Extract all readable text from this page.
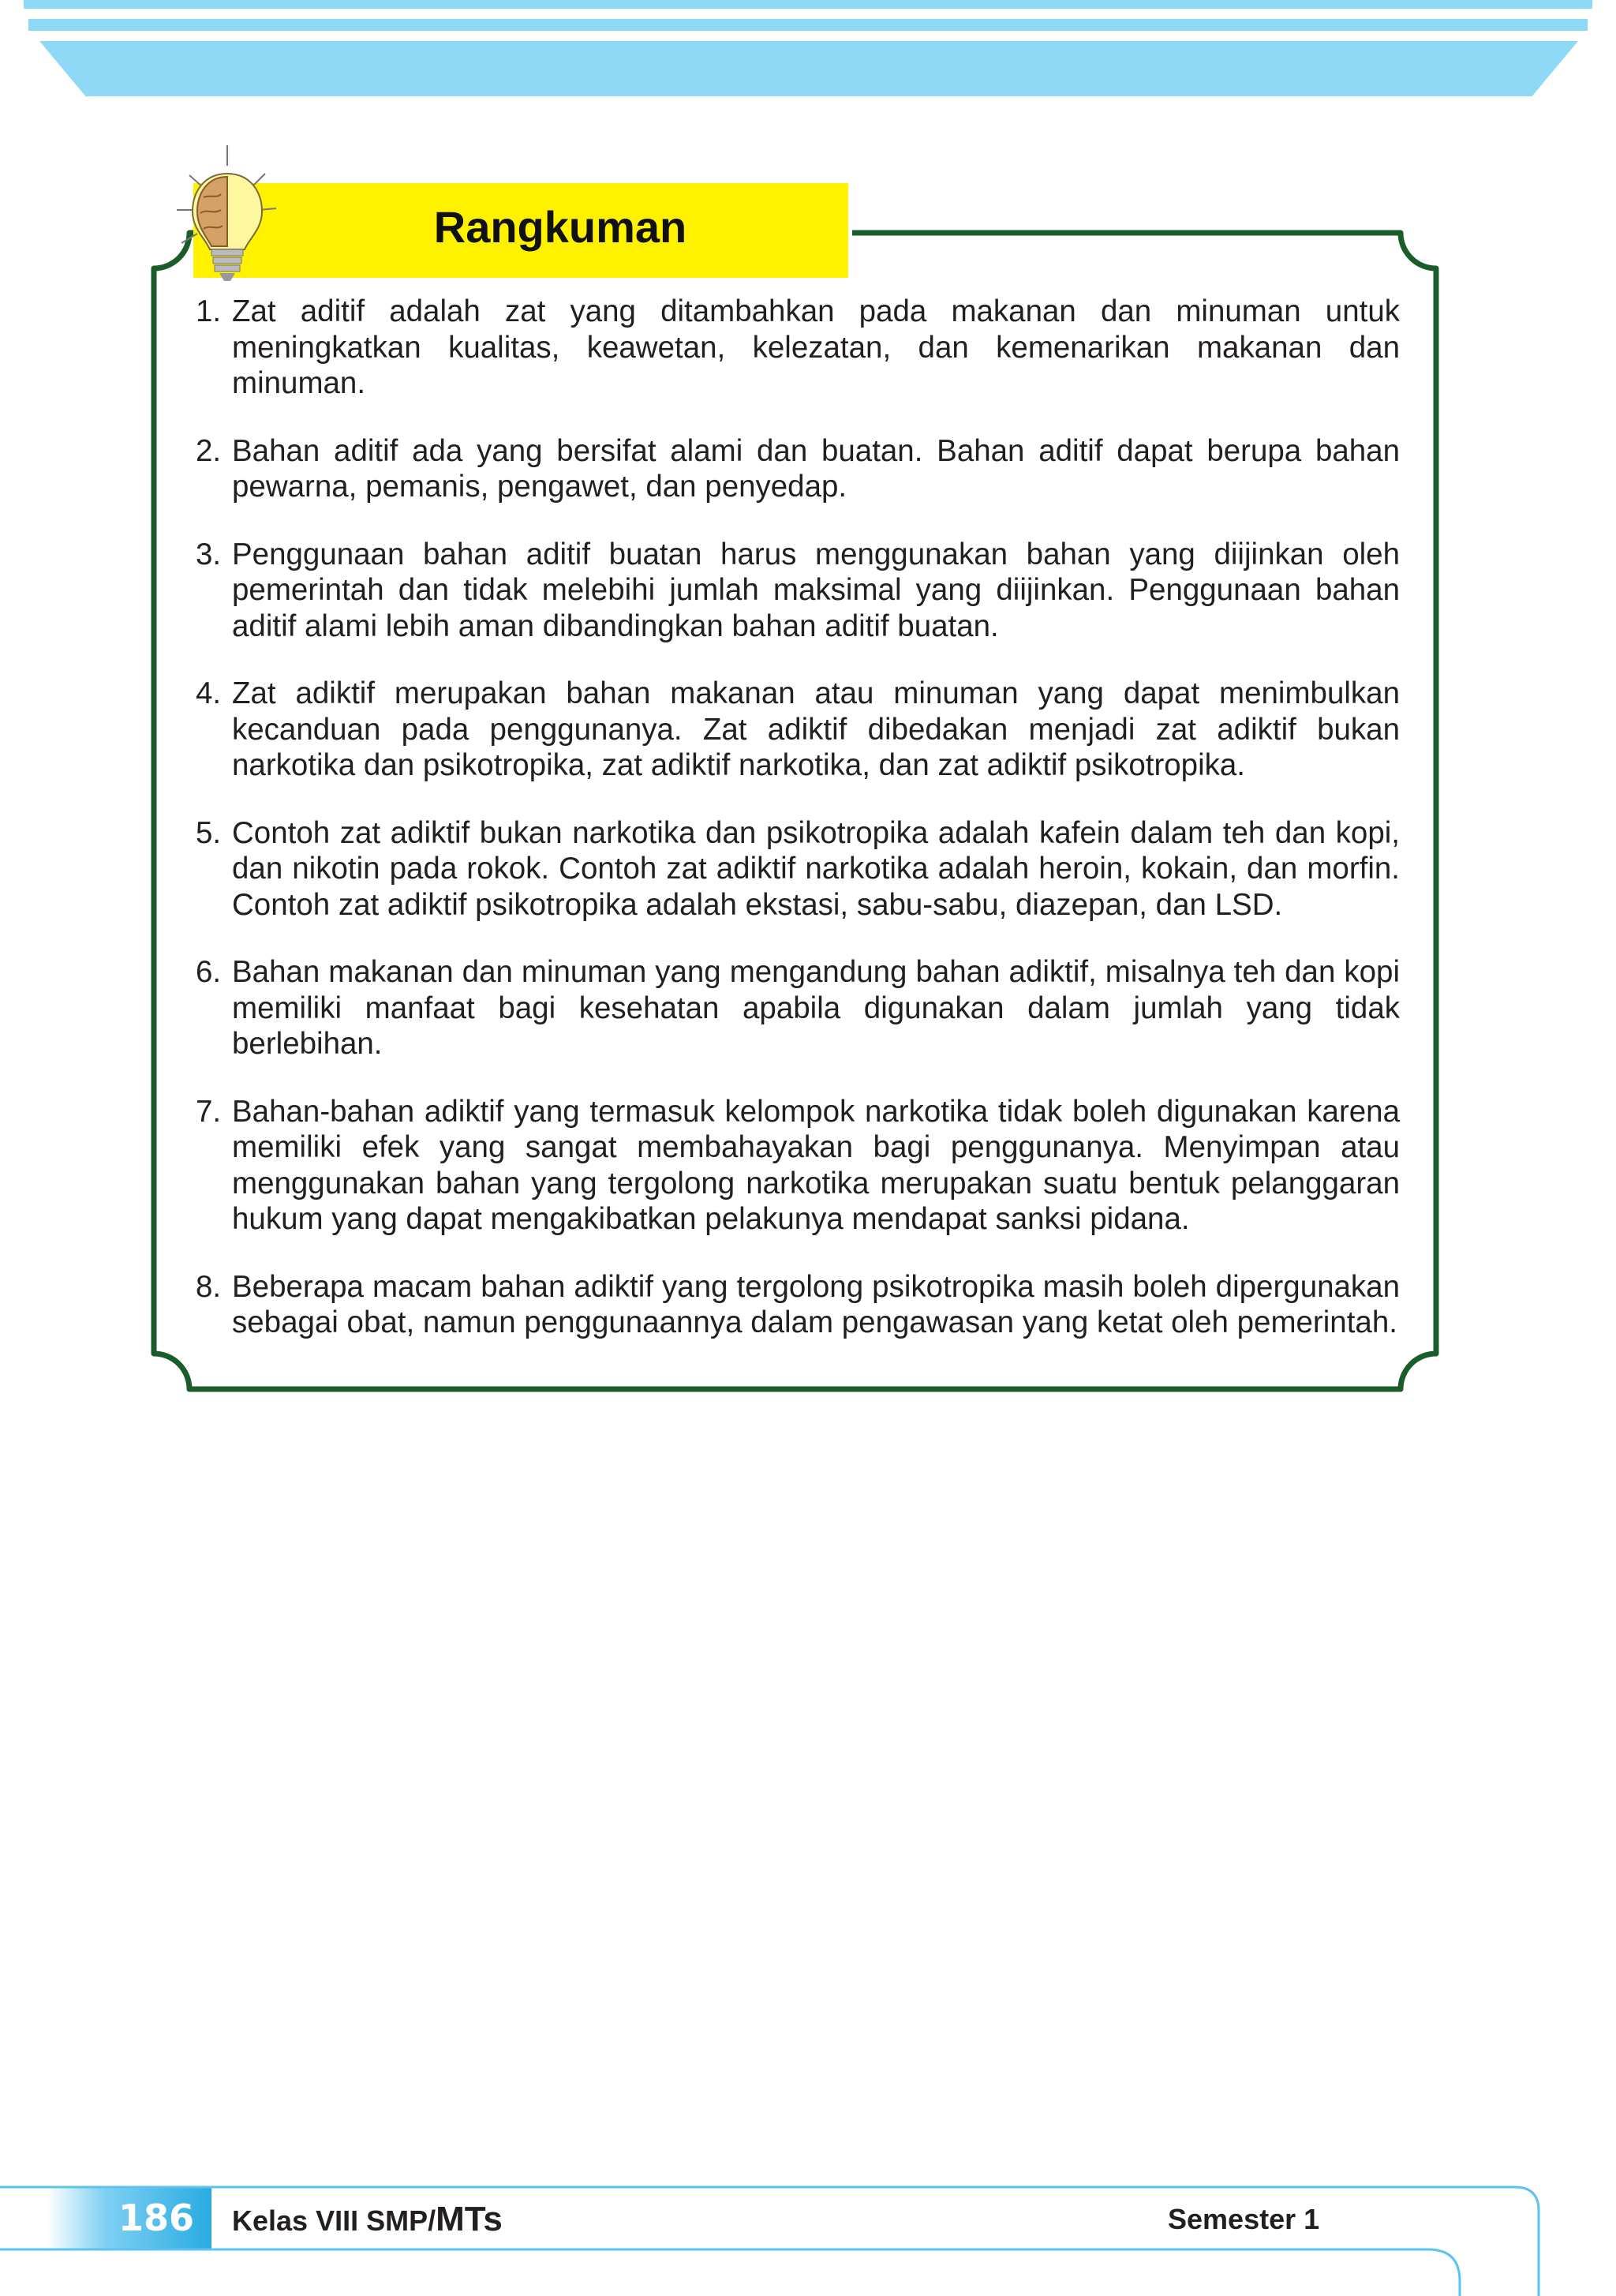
Rangkuman
1. Zat aditif adalah zat yang ditambahkan pada makanan dan minuman untuk meningkatkan kualitas, keawetan, kelezatan, dan kemenarikan makanan dan minuman.
2. Bahan aditif ada yang bersifat alami dan buatan. Bahan aditif dapat berupa bahan pewarna, pemanis, pengawet, dan penyedap.
3. Penggunaan bahan aditif buatan harus menggunakan bahan yang diijinkan oleh pemerintah dan tidak melebihi jumlah maksimal yang diijinkan. Penggunaan bahan aditif alami lebih aman dibandingkan bahan aditif buatan.
4. Zat adiktif merupakan bahan makanan atau minuman yang dapat menimbulkan kecanduan pada penggunanya. Zat adiktif dibedakan menjadi zat adiktif bukan narkotika dan psikotropika, zat adiktif narkotika, dan zat adiktif psikotropika.
5. Contoh zat adiktif bukan narkotika dan psikotropika adalah kafein dalam teh dan kopi, dan nikotin pada rokok. Contoh zat adiktif narkotika adalah heroin, kokain, dan morfin. Contoh zat adiktif psikotropika adalah ekstasi, sabu-sabu, diazepan, dan LSD.
6. Bahan makanan dan minuman yang mengandung bahan adiktif, misalnya teh dan kopi memiliki manfaat bagi kesehatan apabila digunakan dalam jumlah yang tidak berlebihan.
7. Bahan-bahan adiktif yang termasuk kelompok narkotika tidak boleh digunakan karena memiliki efek yang sangat membahayakan bagi penggunanya. Menyimpan atau menggunakan bahan yang tergolong narkotika merupakan suatu bentuk pelanggaran hukum yang dapat mengakibatkan pelakunya mendapat sanksi pidana.
8. Beberapa macam bahan adiktif yang tergolong psikotropika masih boleh dipergunakan sebagai obat, namun penggunaannya dalam pengawasan yang ketat oleh pemerintah.
186	Kelas VIII SMP/MTs	Semester 1
